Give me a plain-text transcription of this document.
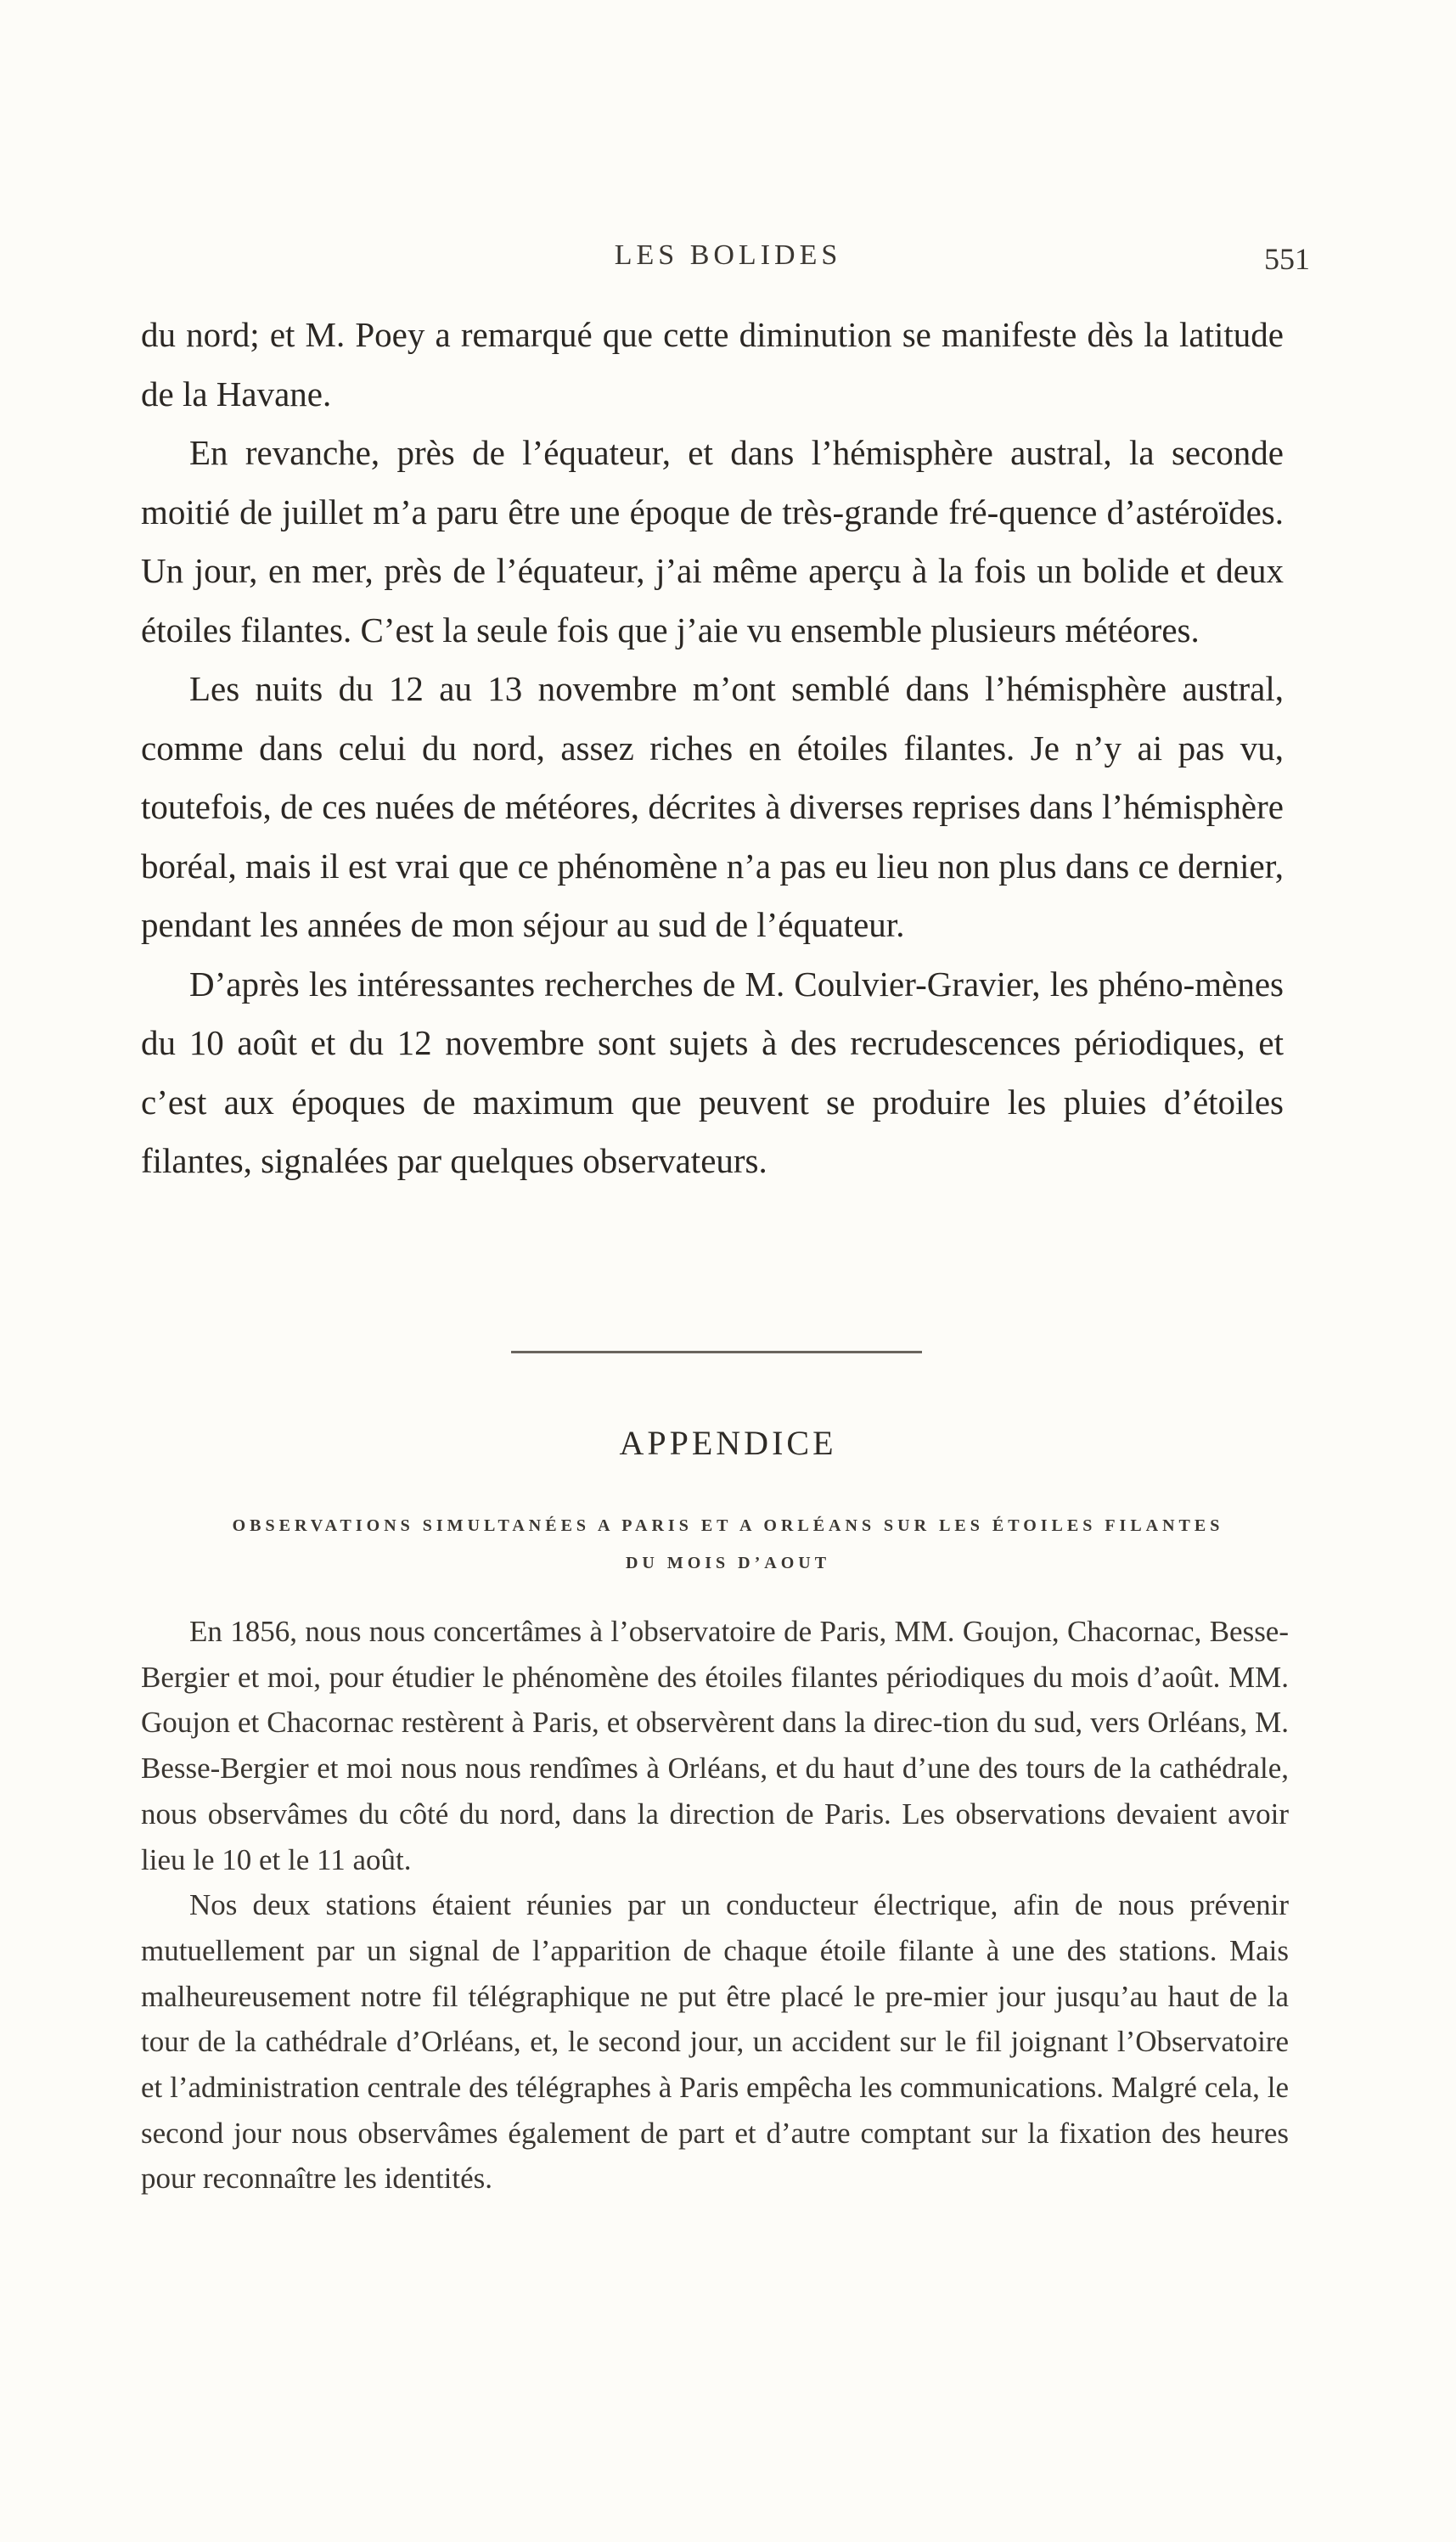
LES BOLIDES	551

du nord; et M. Poey a remarqué que cette diminution se manifeste dès la latitude de la Havane.

En revanche, près de l’équateur, et dans l’hémisphère austral, la seconde moitié de juillet m’a paru être une époque de très-grande fré-quence d’astéroïdes. Un jour, en mer, près de l’équateur, j’ai même aperçu à la fois un bolide et deux étoiles filantes. C’est la seule fois que j’aie vu ensemble plusieurs météores.

Les nuits du 12 au 13 novembre m’ont semblé dans l’hémisphère austral, comme dans celui du nord, assez riches en étoiles filantes. Je n’y ai pas vu, toutefois, de ces nuées de météores, décrites à diverses reprises dans l’hémisphère boréal, mais il est vrai que ce phénomène n’a pas eu lieu non plus dans ce dernier, pendant les années de mon séjour au sud de l’équateur.

D’après les intéressantes recherches de M. Coulvier-Gravier, les phéno-mènes du 10 août et du 12 novembre sont sujets à des recrudescences périodiques, et c’est aux époques de maximum que peuvent se produire les pluies d’étoiles filantes, signalées par quelques observateurs.

APPENDICE
OBSERVATIONS SIMULTANÉES A PARIS ET A ORLÉANS SUR LES ÉTOILES FILANTES DU MOIS D’AOUT

En 1856, nous nous concertâmes à l’observatoire de Paris, MM. Goujon, Chacornac, Besse-Bergier et moi, pour étudier le phénomène des étoiles filantes périodiques du mois d’août. MM. Goujon et Chacornac restèrent à Paris, et observèrent dans la direc-tion du sud, vers Orléans, M. Besse-Bergier et moi nous nous rendîmes à Orléans, et du haut d’une des tours de la cathédrale, nous observâmes du côté du nord, dans la direction de Paris. Les observations devaient avoir lieu le 10 et le 11 août.

Nos deux stations étaient réunies par un conducteur électrique, afin de nous prévenir mutuellement par un signal de l’apparition de chaque étoile filante à une des stations. Mais malheureusement notre fil télégraphique ne put être placé le pre-mier jour jusqu’au haut de la tour de la cathédrale d’Orléans, et, le second jour, un accident sur le fil joignant l’Observatoire et l’administration centrale des télégraphes à Paris empêcha les communications. Malgré cela, le second jour nous observâmes également de part et d’autre comptant sur la fixation des heures pour reconnaître les identités.
